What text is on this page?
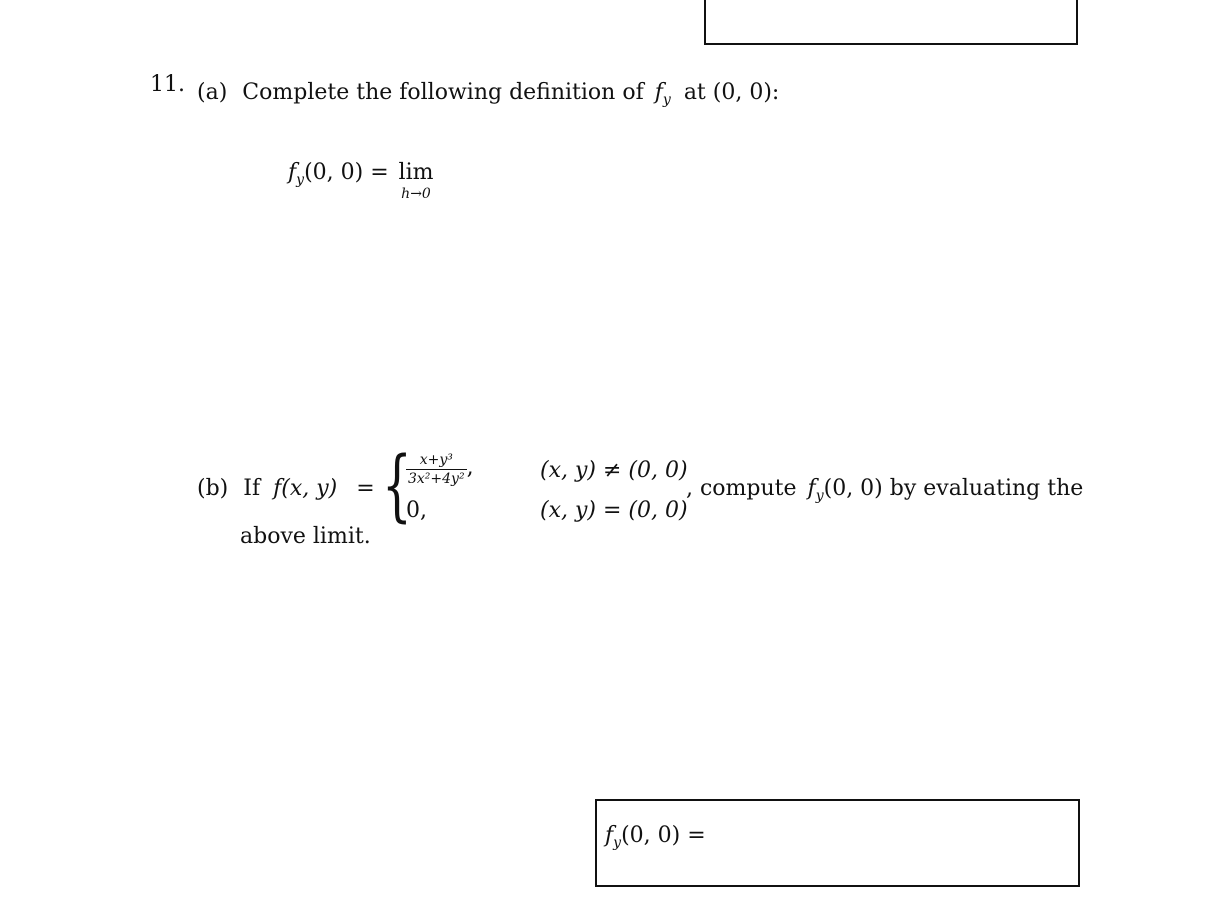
11. (a) Complete the following definition of $f_y$ at (0, 0):
$f_y(0$, 0) = lim
h→0
(b) If f(x, y) = {
$\frac{\text{x+y³}}{\text{3x²+4y²}}$ ,	(x, y) ≠ (0, 0)
0,	(x, y) = (0, 0)
, compute $f_y(0$, 0) by evaluating the
above limit.
$f_y(0$, 0) =
